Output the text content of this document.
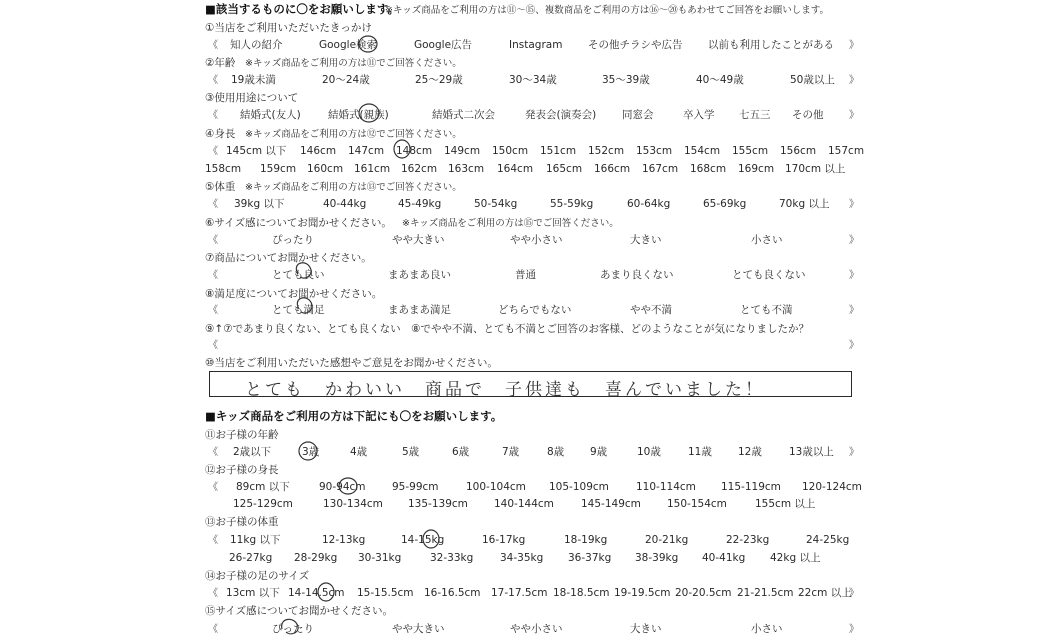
■該当するものに〇をお願いします。
※キッズ商品をご利用の方は⑪～⑮、複数商品をご利用の方は⑯～⑳もあわせてご回答をお願いします。
①当店をご利用いただいたきっかけ
《 知人の紹介	Google検索	Google広告	Instagram その他チラシや広告 以前も利用したことがある 》
②年齢 ※キッズ商品をご利用の方は⑪でご回答ください。
《 19歳未満	20～24歳	25～29歳	30～34歳	35～39歳	40～49歳	50歳以上 》
③使用用途について
《 結婚式(友人)	結婚式(親族)	結婚式二次会	発表会(演奏会) 同窓会	卒入学 七五三 その他	》
④身長 ※キッズ商品をご利用の方は⑫でご回答ください。
《 145cm 以下 146cm 147cm 148cm 149cm 150cm 151cm 152cm 153cm 154cm 155cm 156cm 157cm
158cm 159cm 160cm 161cm 162cm 163cm 164cm 165cm 166cm 167cm 168cm 169cm 170cm 以上
⑤体重 ※キッズ商品をご利用の方は⑬でご回答ください。
《 39kg 以下	40-44kg	45-49kg	50-54kg	55-59kg	60-64kg	65-69kg	70kg 以上 》
⑥サイズ感についてお聞かせください。 ※キッズ商品をご利用の方は⑮でご回答ください。
《	ぴったり	やや大きい	やや小さい	大きい	小さい	》
⑦商品についてお聞かせください。
《	とても良い	まあまあ良い	普通	あまり良くない	とても良くない	》
⑧満足度についてお聞かせください。
《	とても満足	まあまあ満足	どちらでもない	やや不満	とても不満	》
⑨↑⑦であまり良くない、とても良くない　⑧でやや不満、とても不満とご回答のお客様、どのようなことが気になりましたか？
《	》
⑩当店をご利用いただいた感想やご意見をお聞かせください。
とても　かわいい　商品で　子供達も　喜んでいました！
■キッズ商品をご利用の方は下記にも〇をお願いします。
⑪お子様の年齢
《 2歳以下	3歳	4歳	5歳	6歳	7歳	8歳 9歳	10歳	11歳 12歳	13歳以上 》
⑫お子様の身長
《 89cm 以下	90-94cm	95-99cm	100-104cm 105-109cm	110-114cm 115-119cm 120-124cm
125-129cm	130-134cm 135-139cm 140-144cm	145-149cm 150-154cm	155cm 以上
⑬お子様の体重
《 11kg 以下	12-13kg	14-15kg	16-17kg	18-19kg	20-21kg	22-23kg	24-25kg
26-27kg 28-29kg 30-31kg	32-33kg	34-35kg 36-37kg 38-39kg 40-41kg 42kg 以上
⑭お子様の足のサイズ
《 13cm 以下 14-14.5cm 15-15.5cm 16-16.5cm 17-17.5cm 18-18.5cm 19-19.5cm 20-20.5cm 21-21.5cm 22cm 以上
》
⑮サイズ感についてお聞かせください。
《	ぴったり	やや大きい	やや小さい	大きい	小さい	》
